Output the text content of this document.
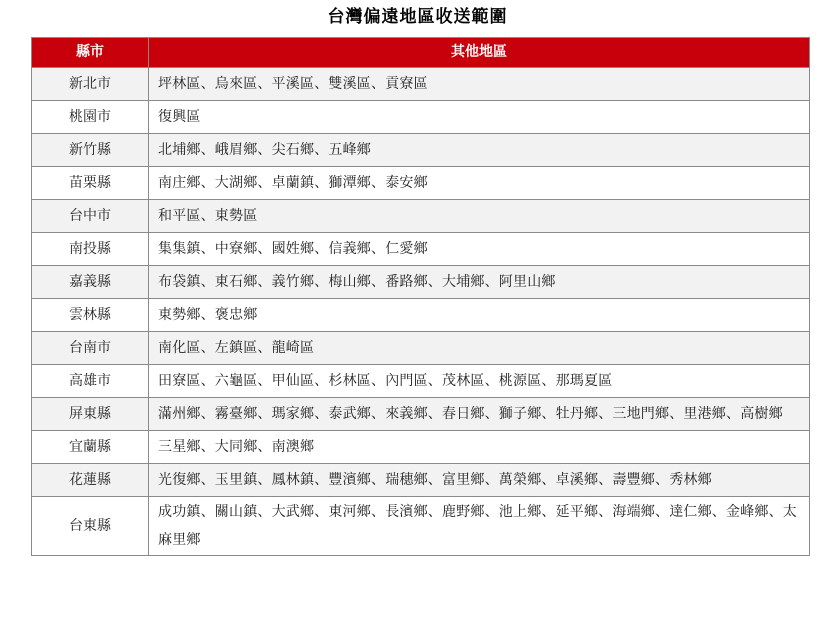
台灣偏遠地區收送範圍
縣市	其他地區
新北市	坪林區、烏來區、平溪區、雙溪區、貢寮區
桃園市	復興區
新竹縣	北埔鄉、峨眉鄉、尖石鄉、五峰鄉
苗栗縣	南庄鄉、大湖鄉、卓蘭鎮、獅潭鄉、泰安鄉
台中市	和平區、東勢區
南投縣	集集鎮、中寮鄉、國姓鄉、信義鄉、仁愛鄉
嘉義縣	布袋鎮、東石鄉、義竹鄉、梅山鄉、番路鄉、大埔鄉、阿里山鄉
雲林縣	東勢鄉、褒忠鄉
台南市	南化區、左鎮區、龍崎區
高雄市	田寮區、六龜區、甲仙區、杉林區、內門區、茂林區、桃源區、那瑪夏區
屏東縣	滿州鄉、霧臺鄉、瑪家鄉、泰武鄉、來義鄉、春日鄉、獅子鄉、牡丹鄉、三地門鄉、里港鄉、高樹鄉
宜蘭縣	三星鄉、大同鄉、南澳鄉
花蓮縣	光復鄉、玉里鎮、鳳林鎮、豐濱鄉、瑞穗鄉、富里鄉、萬榮鄉、卓溪鄉、壽豐鄉、秀林鄉
台東縣	成功鎮、關山鎮、大武鄉、東河鄉、長濱鄉、鹿野鄉、池上鄉、延平鄉、海端鄉、達仁鄉、金峰鄉、太麻里鄉
